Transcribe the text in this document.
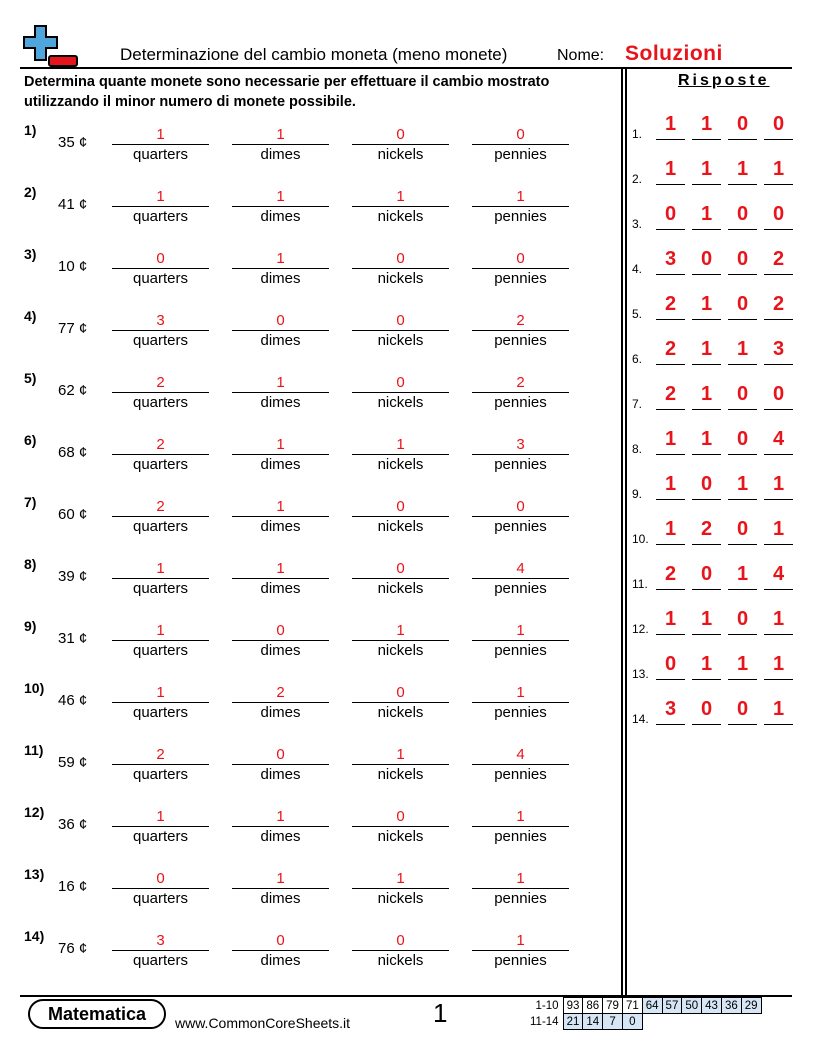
Determinazione del cambio moneta (meno monete)	Nome: Soluzioni
Determina quante monete sono necessarie per effettuare il cambio mostrato utilizzando il minor numero di monete possibile.
1)
35 ¢	1
quarters
1
dimes
0
nickels
0
pennies
2)
41 ¢	1
quarters
1
dimes
1
nickels
1
pennies
3)
10 ¢	0
quarters
1
dimes
0
nickels
0
pennies
4)
77 ¢	3
quarters
0
dimes
0
nickels
2
pennies
5)
62 ¢	2
quarters
1
dimes
0
nickels
2
pennies
6)
68 ¢	2
quarters
1
dimes
1
nickels
3
pennies
7)
60 ¢	2
quarters
1
dimes
0
nickels
0
pennies
8)
39 ¢	1
quarters
1
dimes
0
nickels
4
pennies
9)
31 ¢	1
quarters
0
dimes
1
nickels
1
pennies
10)
46 ¢	1
quarters
2
dimes
0
nickels
1
pennies
11)
59 ¢	2
quarters
0
dimes
1
nickels
4
pennies
12)
36 ¢	1
quarters
1
dimes
0
nickels
1
pennies
13)
16 ¢	0
quarters
1
dimes
1
nickels
1
pennies
14)
76 ¢	3
quarters
0
dimes
0
nickels
1
pennies
Risposte
1.	1	1	0	0
2.	1	1	1	1
3.	0	1	0	0
4.	3	0	0	2
5.	2	1	0	2
6.	2	1	1	3
7.	2	1	0	0
8.	1	1	0	4
9.	1	0	1	1
10. 1	2	0	1
11. 2	0	1	4
12. 1	1	0	1
13. 0	1	1	1
14. 3	0	0	1
Matematica	www.CommonCoreSheets.it	1	1-10	93	86	79	71	64	57	50	43	36	29
11-14	21	14	7	0						
